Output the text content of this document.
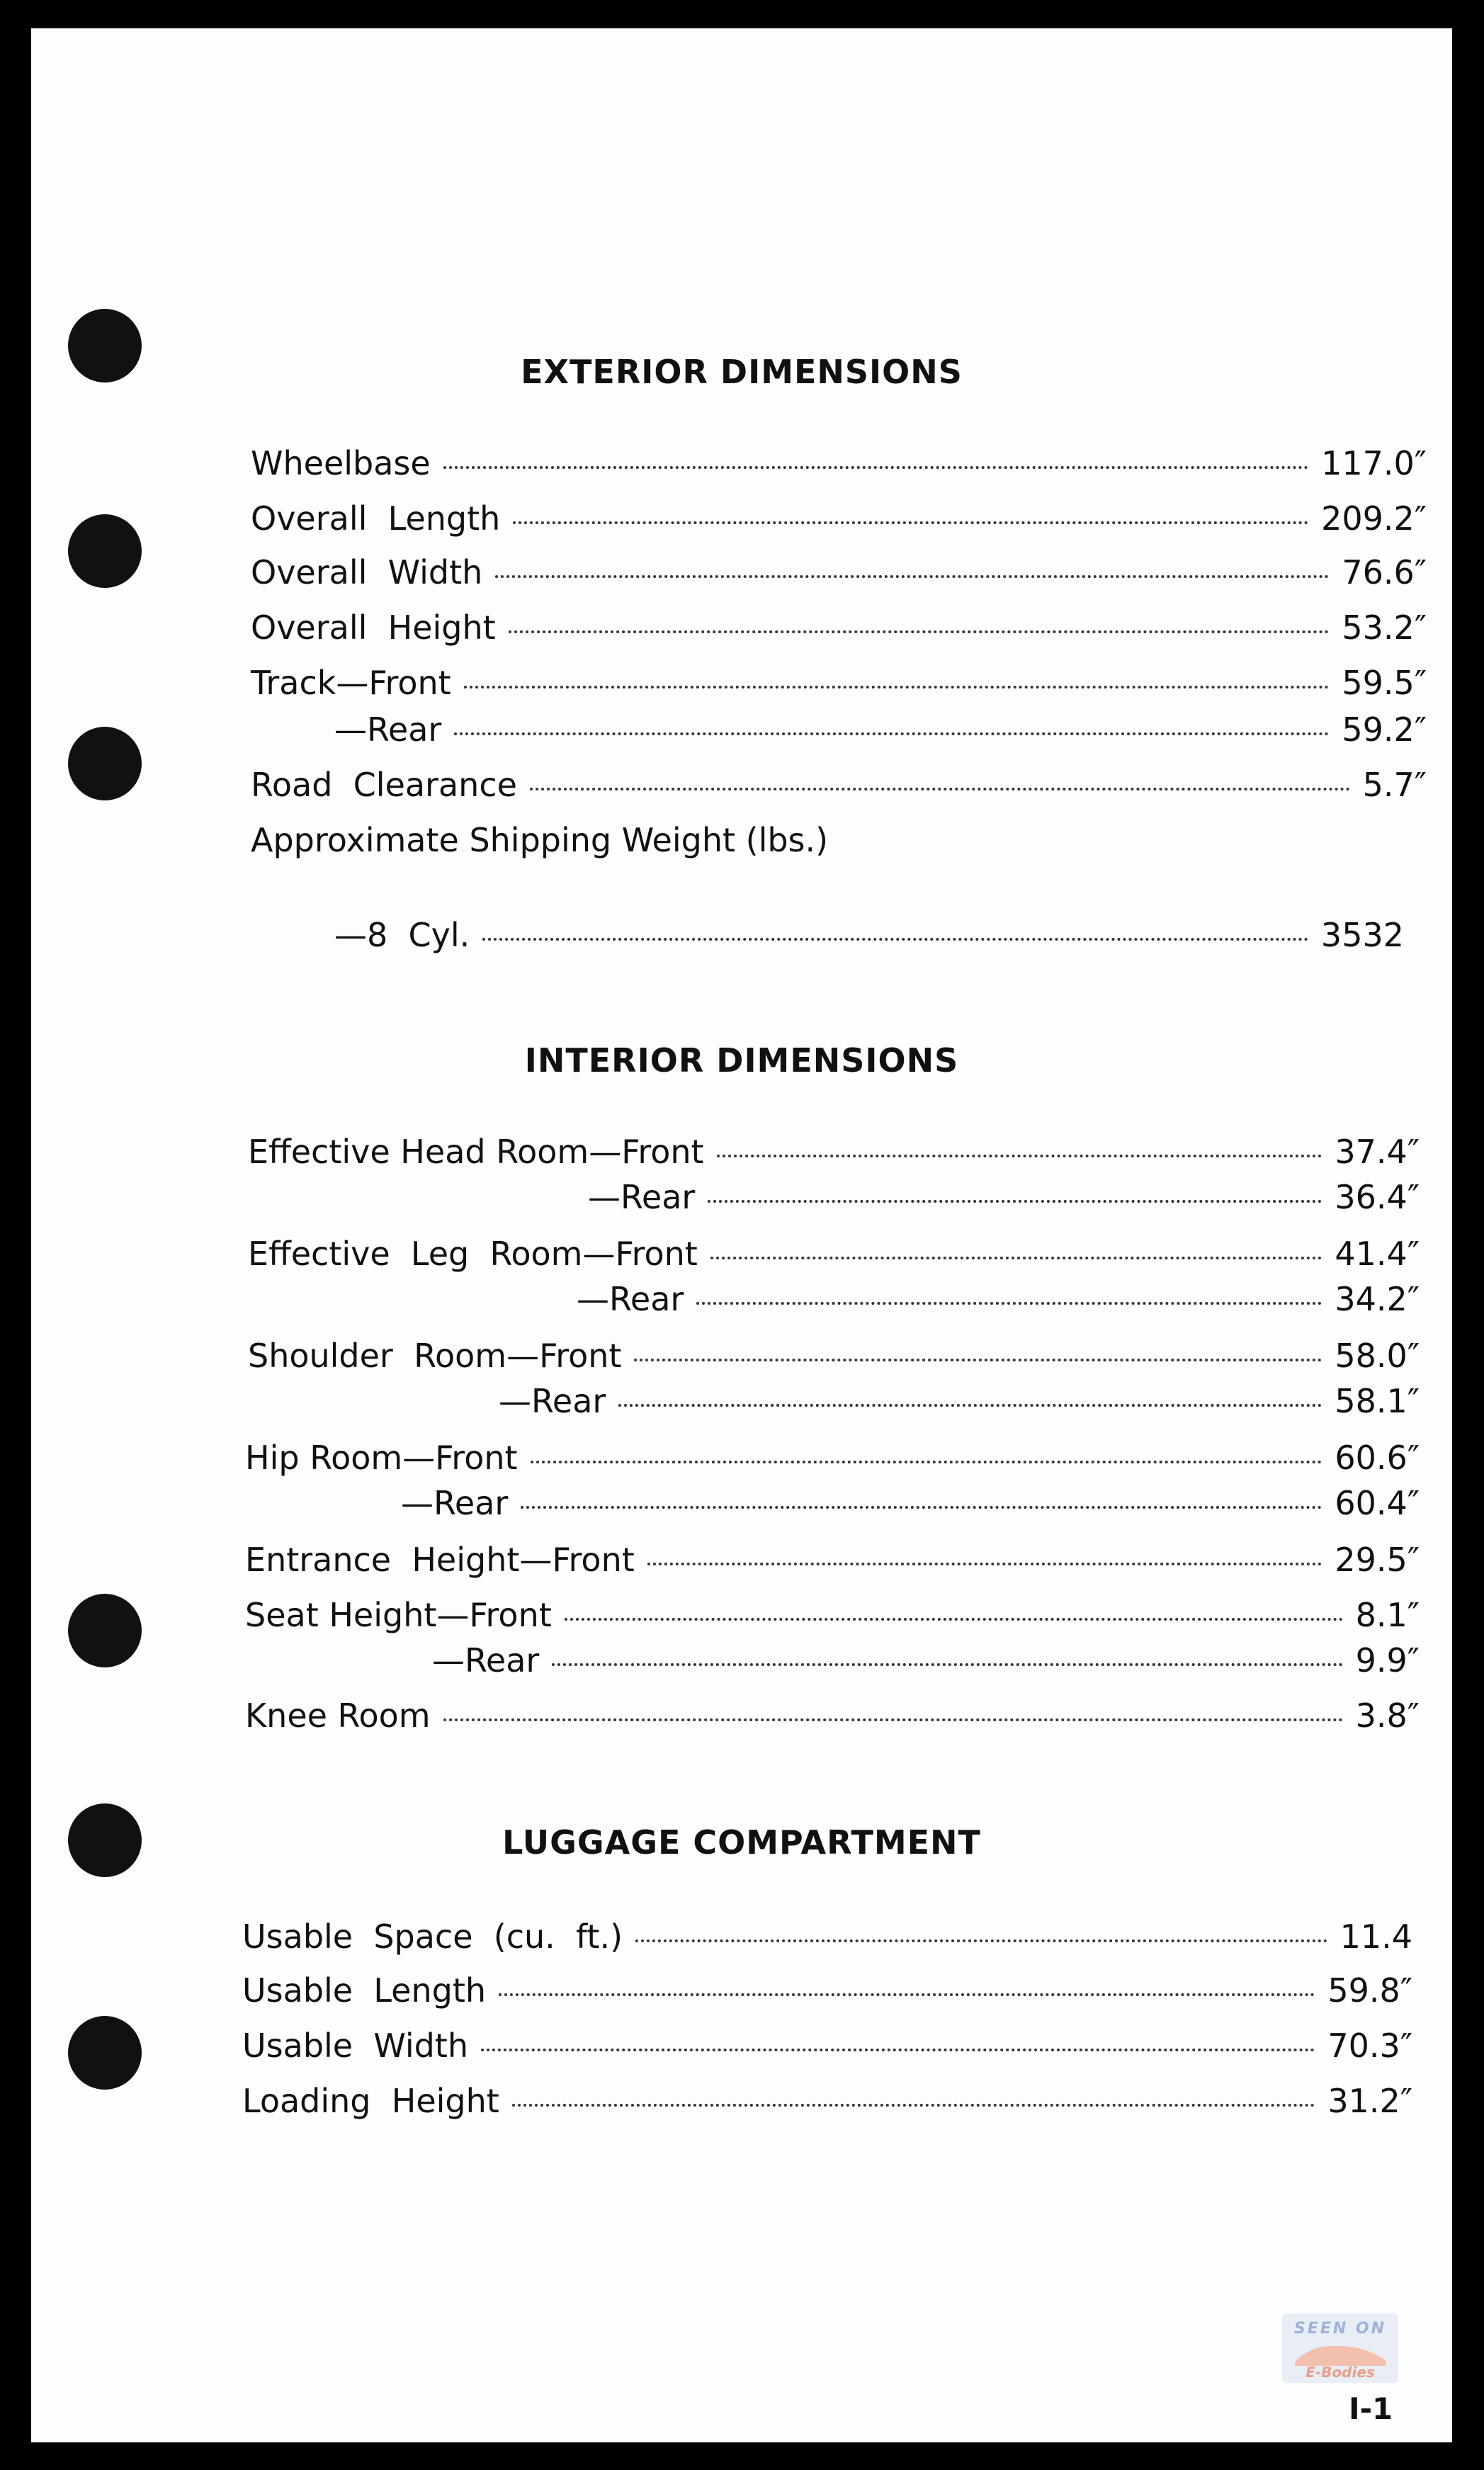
EXTERIOR DIMENSIONS
Wheelbase	117.0″
Overall  Length	209.2″
Overall  Width	76.6″
Overall  Height	53.2″
Track—Front	59.5″
—Rear	59.2″
Road  Clearance	5.7″
Approximate Shipping Weight (lbs.)
—8  Cyl.	3532
INTERIOR DIMENSIONS
Effective Head Room—Front	37.4″
—Rear	36.4″
Effective  Leg  Room—Front	41.4″
—Rear	34.2″
Shoulder  Room—Front	58.0″
—Rear	58.1″
Hip Room—Front	60.6″
—Rear	60.4″
Entrance  Height—Front	29.5″
Seat Height—Front	8.1″
—Rear	9.9″
Knee Room	3.8″
LUGGAGE COMPARTMENT
Usable  Space  (cu.  ft.)	11.4
Usable  Length	59.8″
Usable  Width	70.3″
Loading  Height	31.2″
SEEN ON
E-Bodies
I-1
